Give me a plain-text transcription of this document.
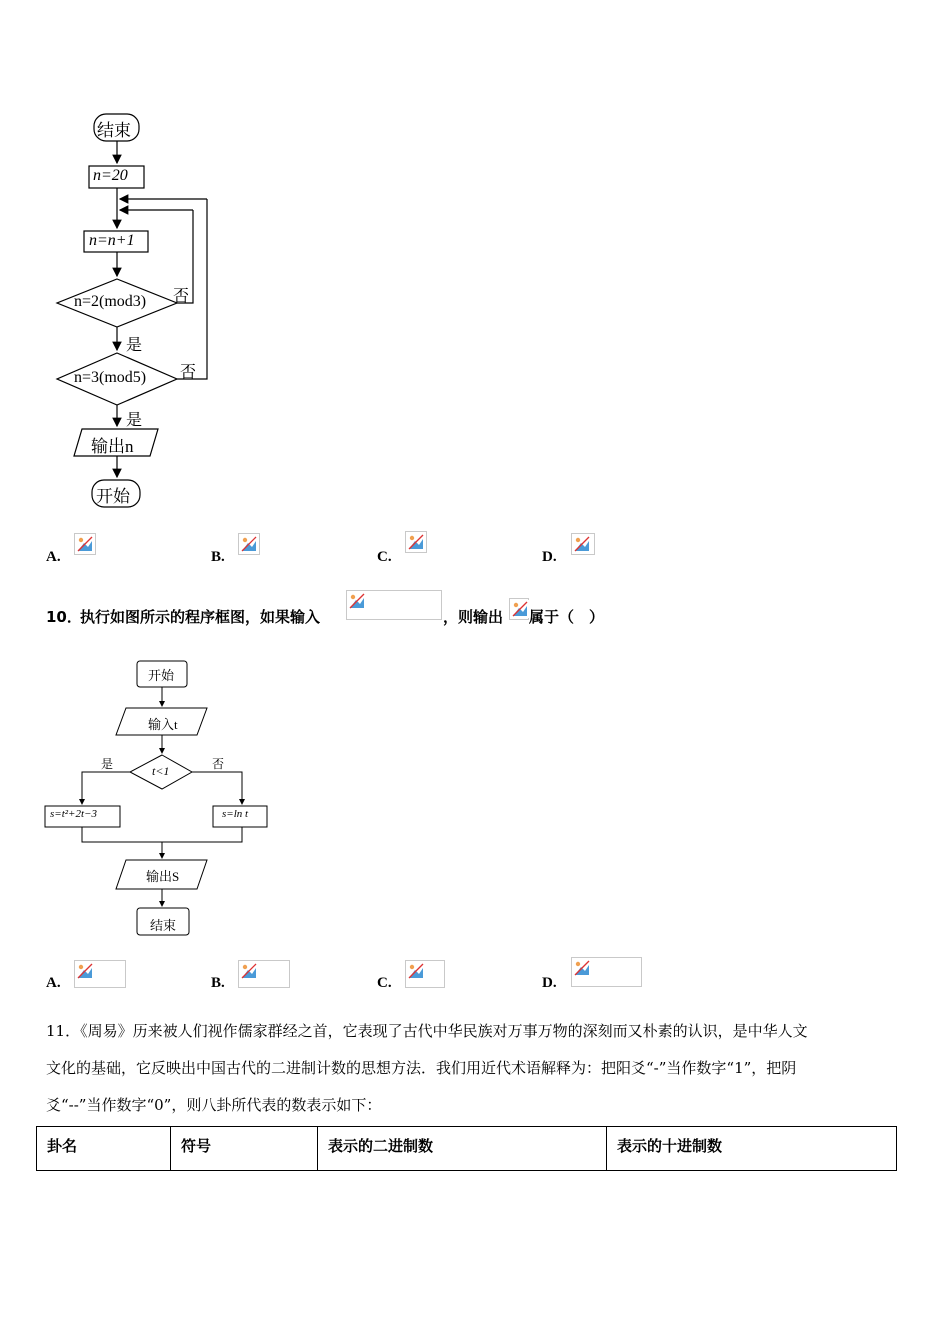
结束
n=20
n=n+1
n=2(mod3) 否
是
n=3(mod5) 否
是
输出n
开始
A.	B.	C.	D.
10．
执行如图所示的程序框图，如果输入	，则输出 属于（　）
开始
输入t
t<1
是	否
s=t²+2t−3	s=ln t
输出S
结束
A.	B.	C.	D.
11．《周易》历来被人们视作儒家群经之首，它表现了古代中华民族对万事万物的深刻而又朴素的认识，是中华人文
文化的基础，它反映出中国古代的二进制计数的思想方法．我们用近代术语解释为：把阳爻“-”当作数字“1”，把阴
爻“--”当作数字“0”，则八卦所代表的数表示如下：
卦名	符号	表示的二进制数	表示的十进制数
